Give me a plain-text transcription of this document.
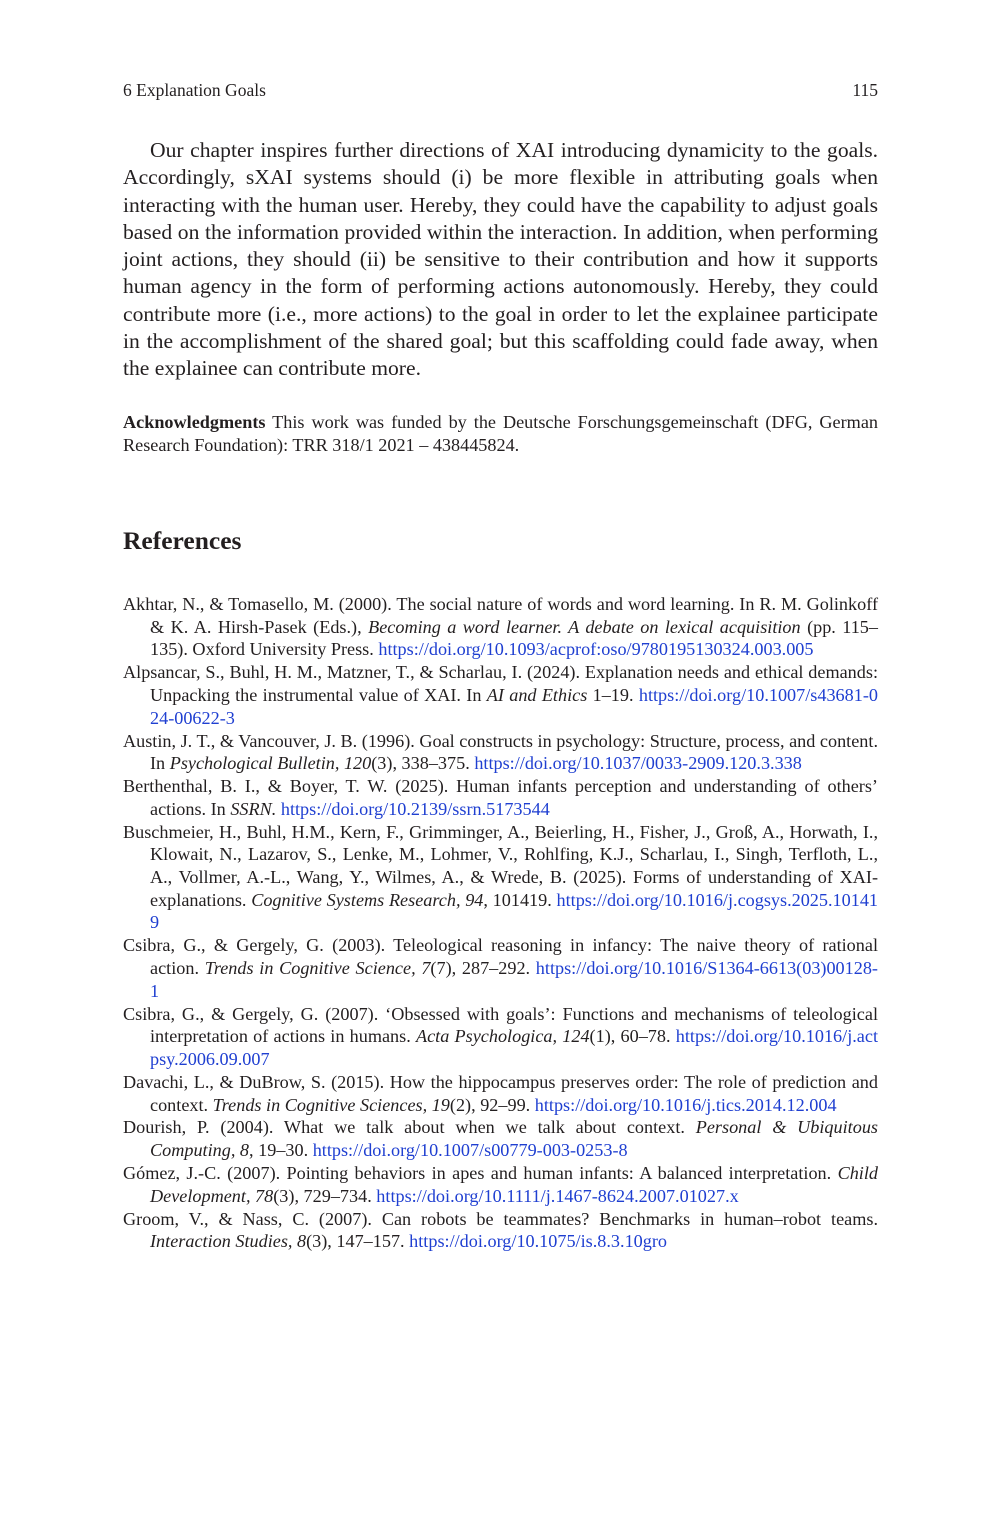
6 Explanation Goals	115

Our chapter inspires further directions of XAI introducing dynamicity to the goals. Accordingly, sXAI systems should (i) be more flexible in attributing goals when interacting with the human user. Hereby, they could have the capability to adjust goals based on the information provided within the interaction. In addition, when performing joint actions, they should (ii) be sensitive to their contribution and how it supports human agency in the form of performing actions autonomously. Hereby, they could contribute more (i.e., more actions) to the goal in order to let the explainee participate in the accomplishment of the shared goal; but this scaffolding could fade away, when the explainee can contribute more.

Acknowledgments This work was funded by the Deutsche Forschungsgemeinschaft (DFG, German Research Foundation): TRR 318/1 2021 – 438445824.

References
Akhtar, N., & Tomasello, M. (2000). The social nature of words and word learning. In R. M. Golinkoff & K. A. Hirsh-Pasek (Eds.), Becoming a word learner. A debate on lexical acquisition (pp. 115–135). Oxford University Press. https://doi.org/10.1093/acprof:oso/9780195130324.003.005
Alpsancar, S., Buhl, H. M., Matzner, T., & Scharlau, I. (2024). Explanation needs and ethical demands: Unpacking the instrumental value of XAI. In AI and Ethics 1–19. https://doi.org/10.1007/s43681-024-00622-3
Austin, J. T., & Vancouver, J. B. (1996). Goal constructs in psychology: Structure, process, and content. In Psychological Bulletin, 120(3), 338–375. https://doi.org/10.1037/0033-2909.120.3.338
Berthenthal, B. I., & Boyer, T. W. (2025). Human infants perception and understanding of others’ actions. In SSRN. https://doi.org/10.2139/ssrn.5173544
Buschmeier, H., Buhl, H.M., Kern, F., Grimminger, A., Beierling, H., Fisher, J., Groß, A., Horwath, I., Klowait, N., Lazarov, S., Lenke, M., Lohmer, V., Rohlfing, K.J., Scharlau, I., Singh, Terfloth, L., A., Vollmer, A.-L., Wang, Y., Wilmes, A., & Wrede, B. (2025). Forms of understanding of XAI-explanations. Cognitive Systems Research, 94, 101419. https://doi.org/10.1016/j.cogsys.2025.101419
Csibra, G., & Gergely, G. (2003). Teleological reasoning in infancy: The naive theory of rational action. Trends in Cognitive Science, 7(7), 287–292. https://doi.org/10.1016/S1364-6613(03)00128-1
Csibra, G., & Gergely, G. (2007). ‘Obsessed with goals’: Functions and mechanisms of teleological interpretation of actions in humans. Acta Psychologica, 124(1), 60–78. https://doi.org/10.1016/j.actpsy.2006.09.007
Davachi, L., & DuBrow, S. (2015). How the hippocampus preserves order: The role of prediction and context. Trends in Cognitive Sciences, 19(2), 92–99. https://doi.org/10.1016/j.tics.2014.12.004
Dourish, P. (2004). What we talk about when we talk about context. Personal & Ubiquitous Computing, 8, 19–30. https://doi.org/10.1007/s00779-003-0253-8
Gómez, J.-C. (2007). Pointing behaviors in apes and human infants: A balanced interpretation. Child Development, 78(3), 729–734. https://doi.org/10.1111/j.1467-8624.2007.01027.x
Groom, V., & Nass, C. (2007). Can robots be teammates? Benchmarks in human–robot teams. Interaction Studies, 8(3), 147–157. https://doi.org/10.1075/is.8.3.10gro
